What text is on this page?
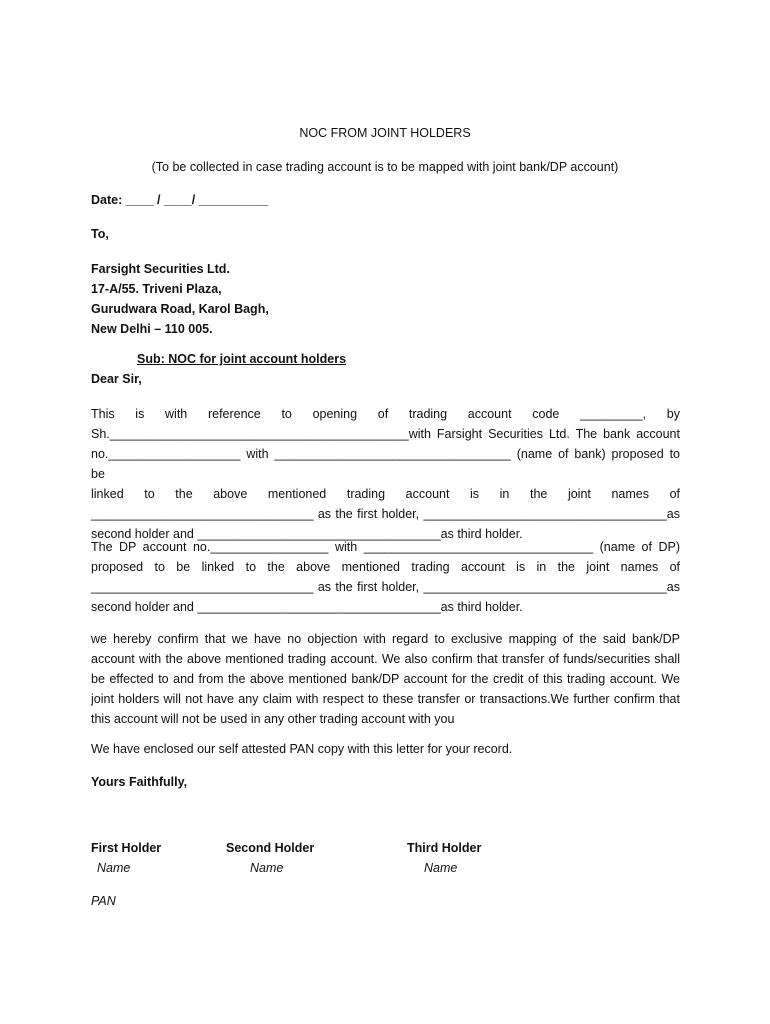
NOC FROM JOINT HOLDERS
(To be collected in case trading account is to be mapped with joint bank/DP account)
Date: ____ / ____/ __________
To,
Farsight Securities Ltd.
17-A/55. Triveni Plaza,
Gurudwara Road, Karol Bagh,
New Delhi – 110 005.
Sub: NOC for joint account holders
Dear Sir,
This is with reference to opening of trading account code _________, by
Sh.___________________________________________with Farsight Securities Ltd. The bank account
no.___________________ with __________________________________ (name of bank) proposed to be
linked to the above mentioned trading account is in the joint names of
________________________________ as the first holder, ___________________________________as
second holder and ___________________________________as third holder.
The DP account no._________________ with _________________________________ (name of DP)
proposed to be linked to the above mentioned trading account is in the joint names of
________________________________ as the first holder, ___________________________________as
second holder and ___________________________________as third holder.
we hereby confirm that we have no objection with regard to exclusive mapping of the said bank/DP account with the above mentioned trading account. We also confirm that transfer of funds/securities shall be effected to and from the above mentioned bank/DP account for the credit of this trading account. We joint holders will not have any claim with respect to these transfer or transactions.We further confirm that this account will not be used in any other trading account with you
We have enclosed our self attested PAN copy with this letter for your record.
Yours Faithfully,
First Holder
Name
Second Holder
Name
Third Holder
Name
PAN
